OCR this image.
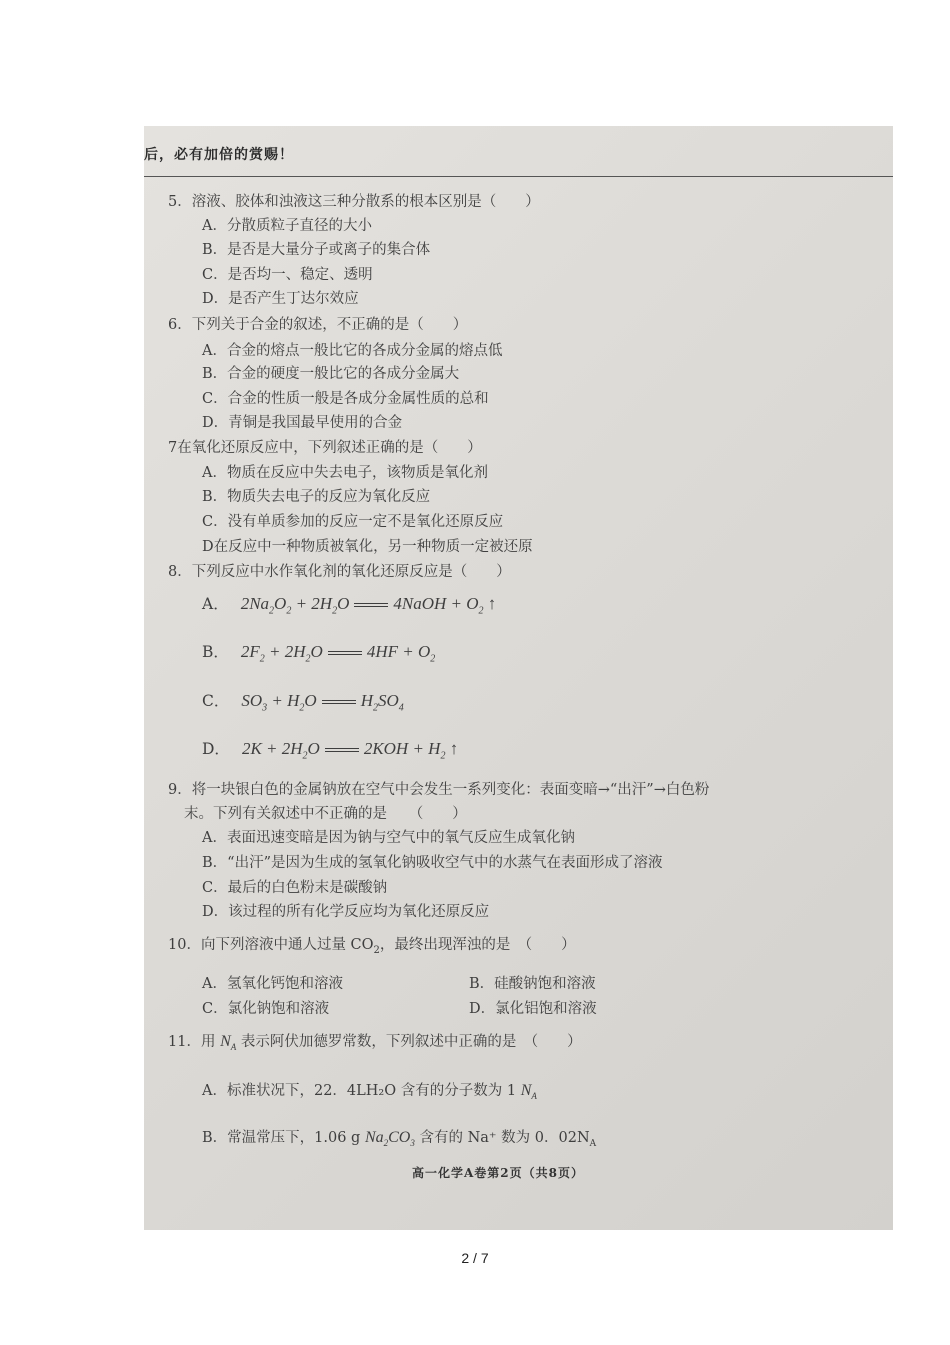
后，必有加倍的赏赐！
5．溶液、胶体和浊液这三种分散系的根本区别是（　　）
A．分散质粒子直径的大小
B．是否是大量分子或离子的集合体
C．是否均一、稳定、透明
D．是否产生丁达尔效应
6．下列关于合金的叙述，不正确的是（　　）
A．合金的熔点一般比它的各成分金属的熔点低
B．合金的硬度一般比它的各成分金属大
C．合金的性质一般是各成分金属性质的总和
D．青铜是我国最早使用的合金
7在氧化还原反应中，下列叙述正确的是（　　）
A．物质在反应中失去电子，该物质是氧化剂
B．物质失去电子的反应为氧化反应
C．没有单质参加的反应一定不是氧化还原反应
D在反应中一种物质被氧化，另一种物质一定被还原
8．下列反应中水作氧化剂的氧化还原反应是（　　）
A． $2Na_2O_2 + 2H_2O$	4NaOH + $O_2$ ↑
B． $2F_2 + 2H_2O$	$4HF + O_2$
C． $SO_3 + H_2O$	$H_2SO_4$
D． $2K + 2H_2O$	$2KOH + H_2$ ↑
9．将一块银白色的金属钠放在空气中会发生一系列变化：表面变暗→“出汗”→白色粉
末。下列有关叙述中不正确的是　　（　　）
A．表面迅速变暗是因为钠与空气中的氧气反应生成氧化钠
B．“出汗”是因为生成的氢氧化钠吸收空气中的水蒸气在表面形成了溶液
C．最后的白色粉末是碳酸钠
D．该过程的所有化学反应均为氧化还原反应
10．向下列溶液中通人过量 $CO_2$，最终出现浑浊的是　（　　）
A．氢氧化钙饱和溶液	B．硅酸钠饱和溶液
C．氯化钠饱和溶液	D．氯化铝饱和溶液
11．用 $N_A$ 表示阿伏加德罗常数，下列叙述中正确的是　（　　）
A．标准状况下，22．4LH₂O 含有的分子数为 1 $N_A$
B．常温常压下，1.06 g $Na_2CO_3$ 含有的 Na⁺ 数为 0．$02N_A$
高一化学A卷第2页（共8页）
2 / 7
